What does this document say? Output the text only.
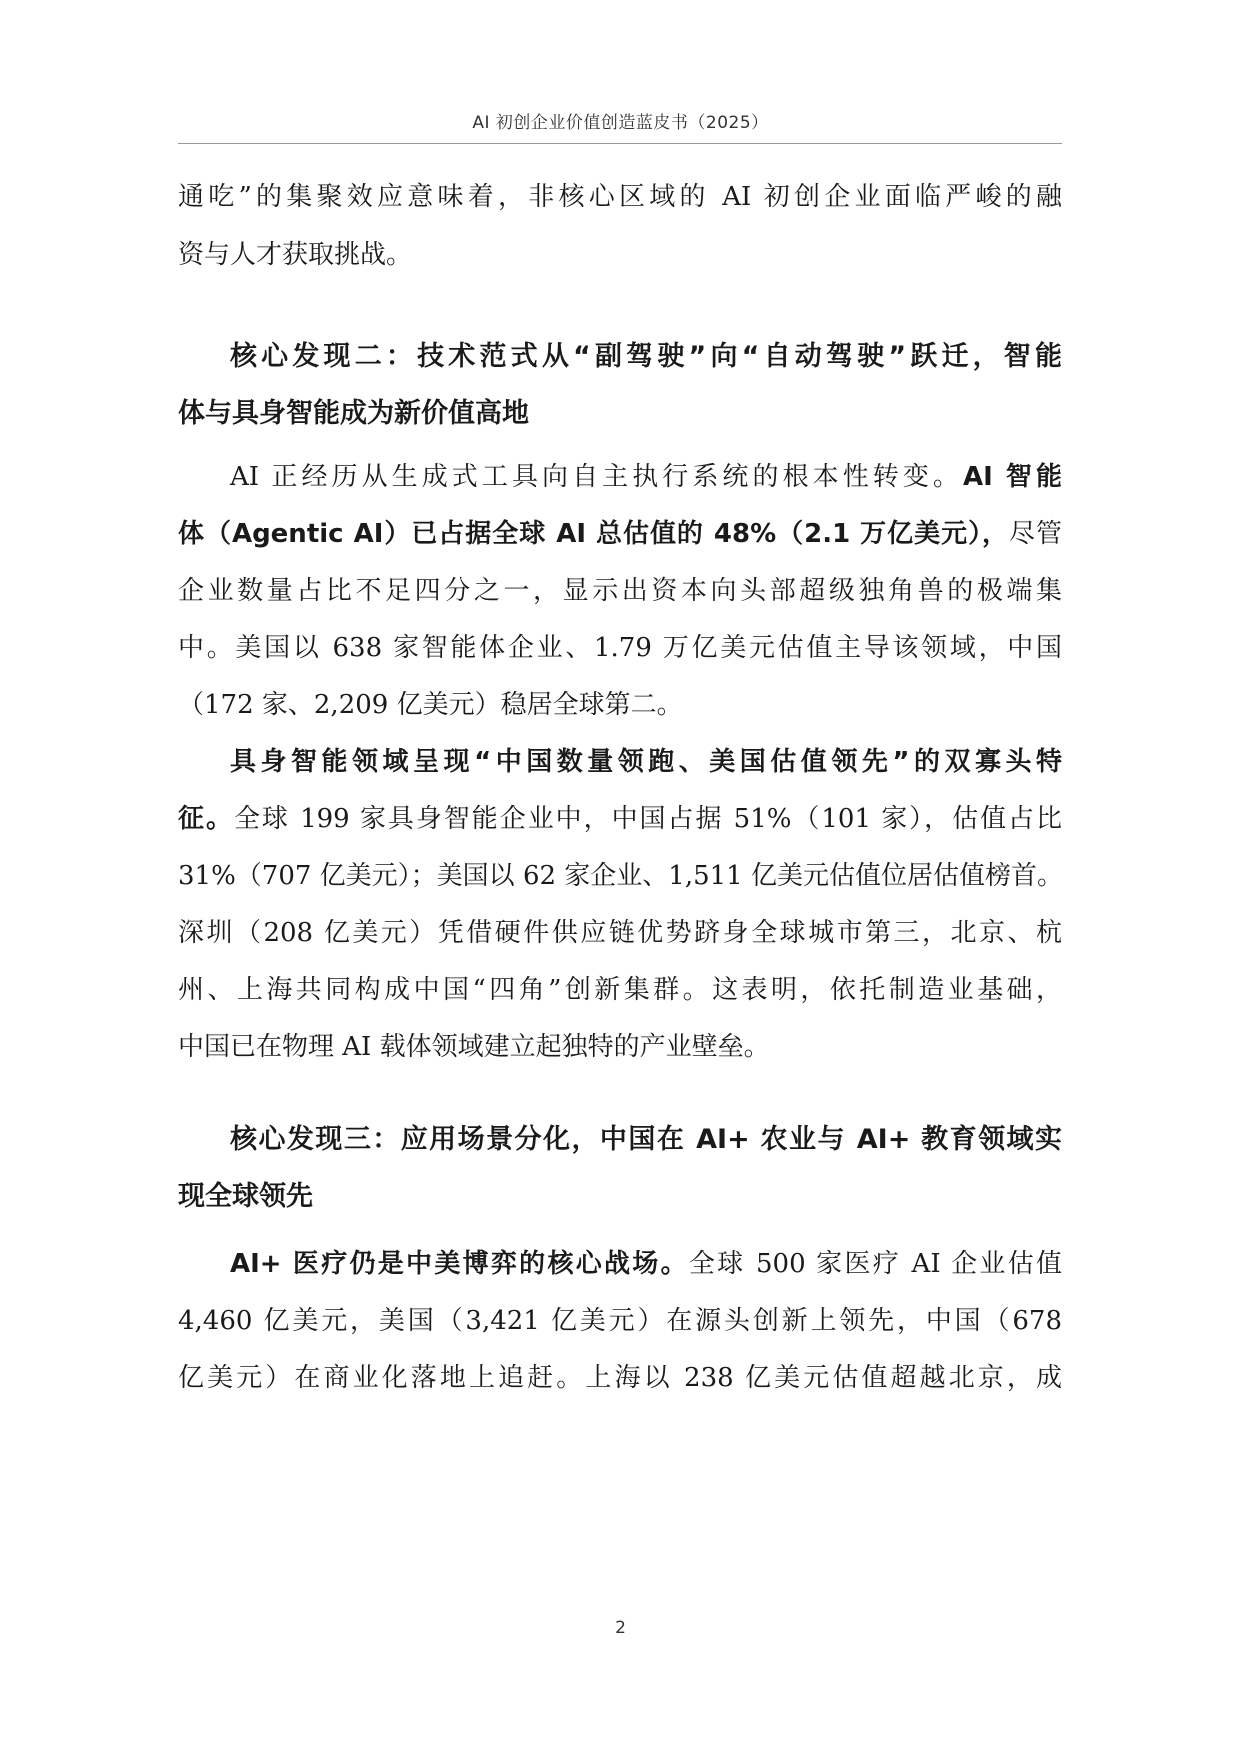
AI 初创企业价值创造蓝皮书（2025）
通吃”的集聚效应意味着，非核心区域的 AI 初创企业面临严峻的融
资与人才获取挑战。
核心发现二：技术范式从“副驾驶”向“自动驾驶”跃迁，智能
体与具身智能成为新价值高地
AI 正经历从生成式工具向自主执行系统的根本性转变。AI 智能
体（Agentic AI）已占据全球 AI 总估值的 48%（2.1 万亿美元），尽管
企业数量占比不足四分之一，显示出资本向头部超级独角兽的极端集
中。美国以 638 家智能体企业、1.79 万亿美元估值主导该领域，中国
（172 家、2,209 亿美元）稳居全球第二。
具身智能领域呈现“中国数量领跑、美国估值领先”的双寡头特
征。全球 199 家具身智能企业中，中国占据 51%（101 家），估值占比
31%（707 亿美元）；美国以 62 家企业、1,511 亿美元估值位居估值榜首。
深圳（208 亿美元）凭借硬件供应链优势跻身全球城市第三，北京、杭
州、上海共同构成中国“四角”创新集群。这表明，依托制造业基础，
中国已在物理 AI 载体领域建立起独特的产业壁垒。
核心发现三：应用场景分化，中国在 AI+ 农业与 AI+ 教育领域实
现全球领先
AI+ 医疗仍是中美博弈的核心战场。全球 500 家医疗 AI 企业估值
4,460 亿美元，美国（3,421 亿美元）在源头创新上领先，中国（678
亿美元）在商业化落地上追赶。上海以 238 亿美元估值超越北京，成
2
